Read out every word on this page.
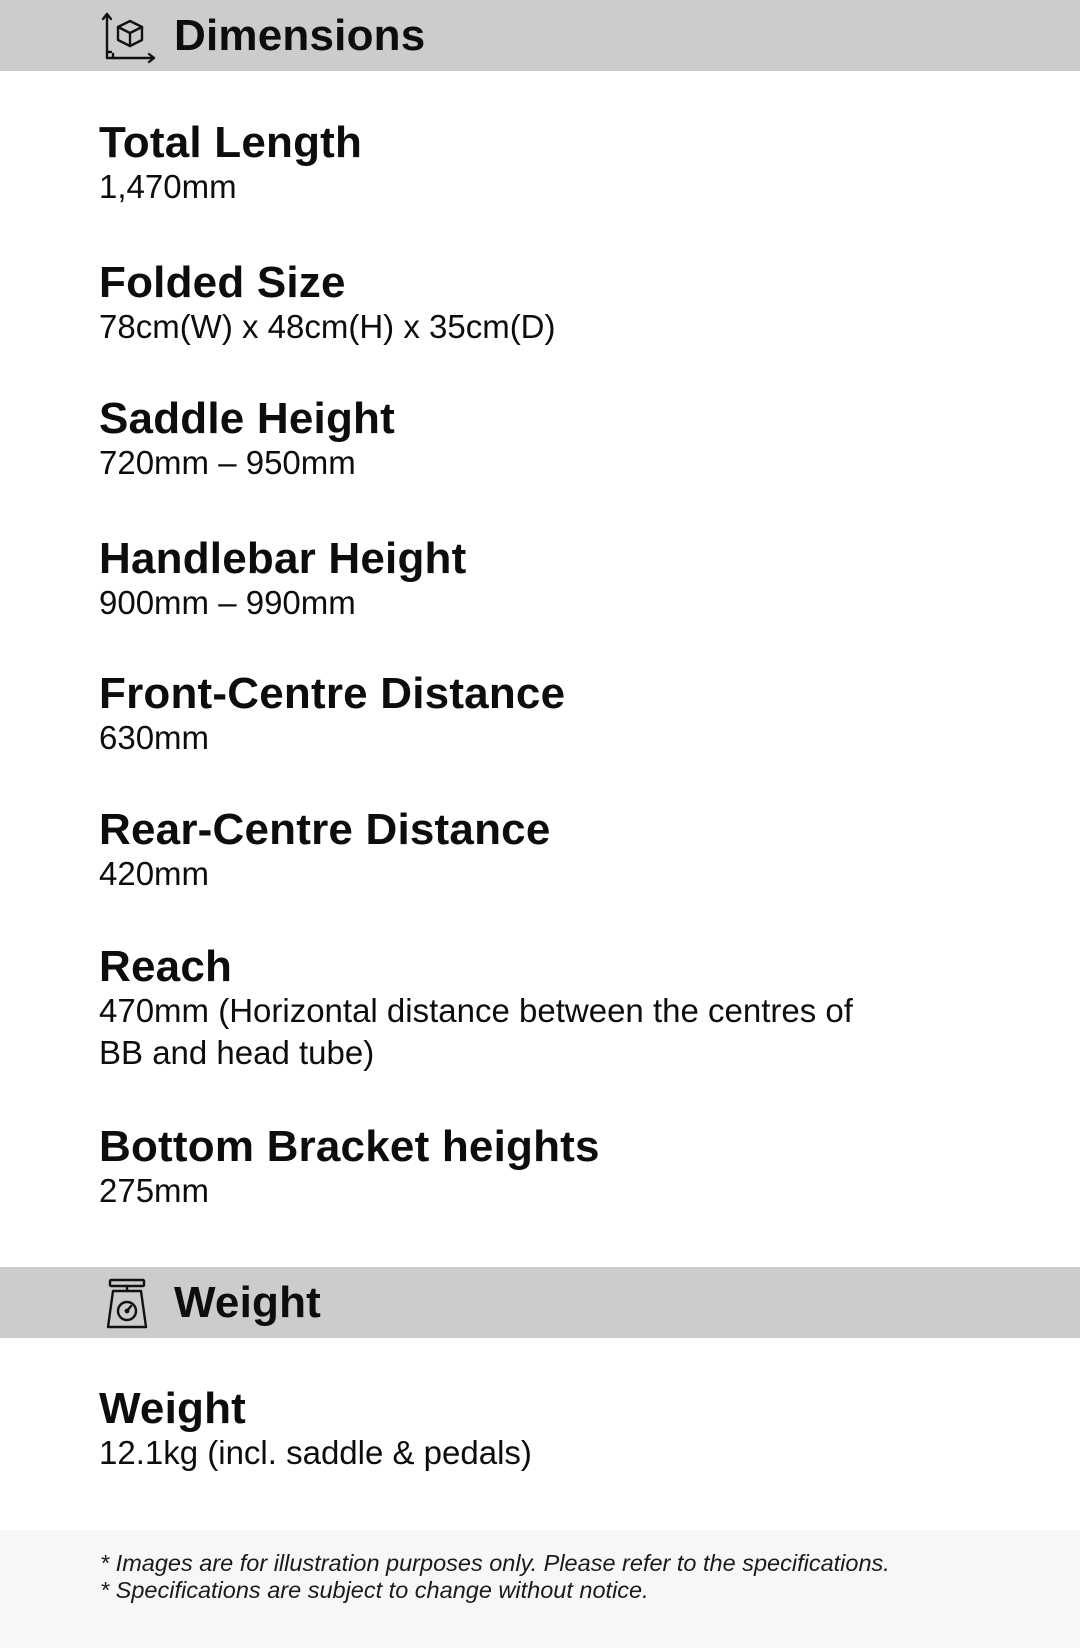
Dimensions
Total Length
1,470mm
Folded Size
78cm(W) x 48cm(H) x 35cm(D)
Saddle Height
720mm – 950mm
Handlebar Height
900mm – 990mm
Front-Centre Distance
630mm
Rear-Centre Distance
420mm
Reach
470mm (Horizontal distance between the centres of BB and head tube)
Bottom Bracket heights
275mm
Weight
Weight
12.1kg (incl. saddle & pedals)
* Images are for illustration purposes only. Please refer to the specifications.
* Specifications are subject to change without notice.
